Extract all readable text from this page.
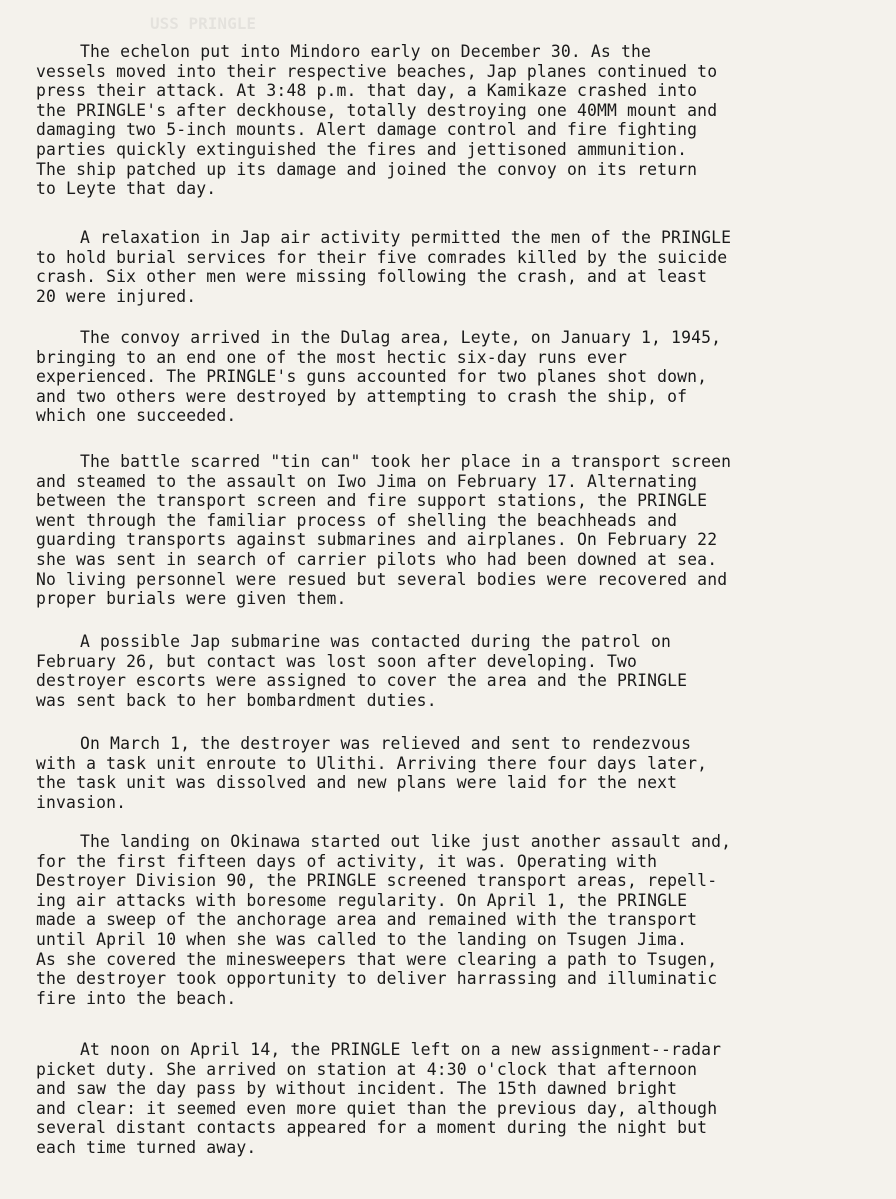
USS PRINGLE
The echelon put into Mindoro early on December 30. As the
vessels moved into their respective beaches, Jap planes continued to
press their attack. At 3:48 p.m. that day, a Kamikaze crashed into
the PRINGLE's after deckhouse, totally destroying one 40MM mount and
damaging two 5-inch mounts. Alert damage control and fire fighting
parties quickly extinguished the fires and jettisoned ammunition.
The ship patched up its damage and joined the convoy on its return
to Leyte that day.
A relaxation in Jap air activity permitted the men of the PRINGLE
to hold burial services for their five comrades killed by the suicide
crash. Six other men were missing following the crash, and at least
20 were injured.
The convoy arrived in the Dulag area, Leyte, on January 1, 1945,
bringing to an end one of the most hectic six-day runs ever
experienced. The PRINGLE's guns accounted for two planes shot down,
and two others were destroyed by attempting to crash the ship, of
which one succeeded.
The battle scarred "tin can" took her place in a transport screen
and steamed to the assault on Iwo Jima on February 17. Alternating
between the transport screen and fire support stations, the PRINGLE
went through the familiar process of shelling the beachheads and
guarding transports against submarines and airplanes. On February 22
she was sent in search of carrier pilots who had been downed at sea.
No living personnel were resued but several bodies were recovered and
proper burials were given them.
A possible Jap submarine was contacted during the patrol on
February 26, but contact was lost soon after developing. Two
destroyer escorts were assigned to cover the area and the PRINGLE
was sent back to her bombardment duties.
On March 1, the destroyer was relieved and sent to rendezvous
with a task unit enroute to Ulithi. Arriving there four days later,
the task unit was dissolved and new plans were laid for the next
invasion.
The landing on Okinawa started out like just another assault and,
for the first fifteen days of activity, it was. Operating with
Destroyer Division 90, the PRINGLE screened transport areas, repell-
ing air attacks with boresome regularity. On April 1, the PRINGLE
made a sweep of the anchorage area and remained with the transport
until April 10 when she was called to the landing on Tsugen Jima.
As she covered the minesweepers that were clearing a path to Tsugen,
the destroyer took opportunity to deliver harrassing and illuminatic
fire into the beach.
At noon on April 14, the PRINGLE left on a new assignment--radar
picket duty. She arrived on station at 4:30 o'clock that afternoon
and saw the day pass by without incident. The 15th dawned bright
and clear: it seemed even more quiet than the previous day, although
several distant contacts appeared for a moment during the night but
each time turned away.
